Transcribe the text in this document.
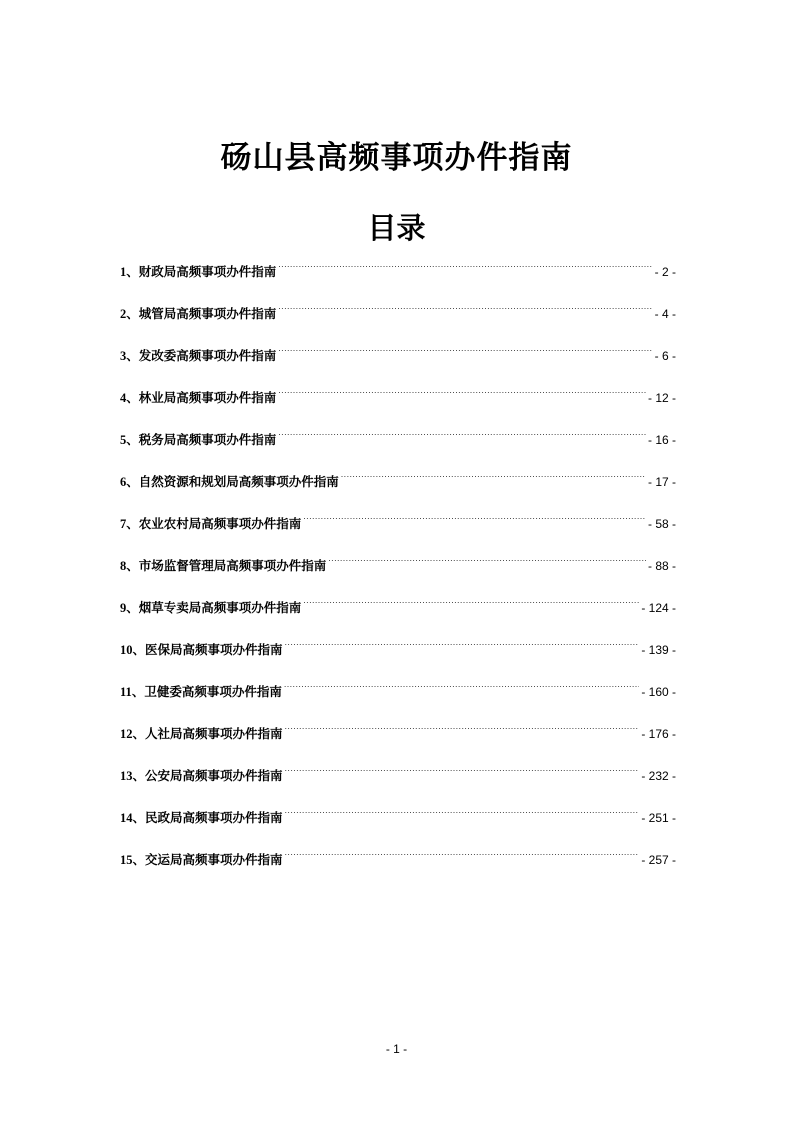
砀山县高频事项办件指南
目录
1 、 财政局高频事项办件指南 .....	- 2 -
2 、 城管局高频事项办件指南 .....	- 4 -
3 、 发改委高频事项办件指南 .....	- 6 -
4 、 林业局高频事项办件指南 .....	- 12 -
5 、 税务局高频事项办件指南 .....	- 16 -
6 、 自然资源和规划局高频事项办件指南 .....	- 17 -
7 、 农业农村局高频事项办件指南 .....	- 58 -
8 、 市场监督管理局高频事项办件指南 .....	- 88 -
9 、 烟草专卖局高频事项办件指南 .....	- 124 -
10 、 医保局高频事项办件指南 .....	- 139 -
11 、 卫健委高频事项办件指南 .....	- 160 -
12 、 人社局高频事项办件指南 .....	- 176 -
13 、 公安局高频事项办件指南 .....	- 232 -
14 、 民政局高频事项办件指南 .....	- 251 -
15 、 交运局高频事项办件指南 .....	- 257 -
- 1 -
